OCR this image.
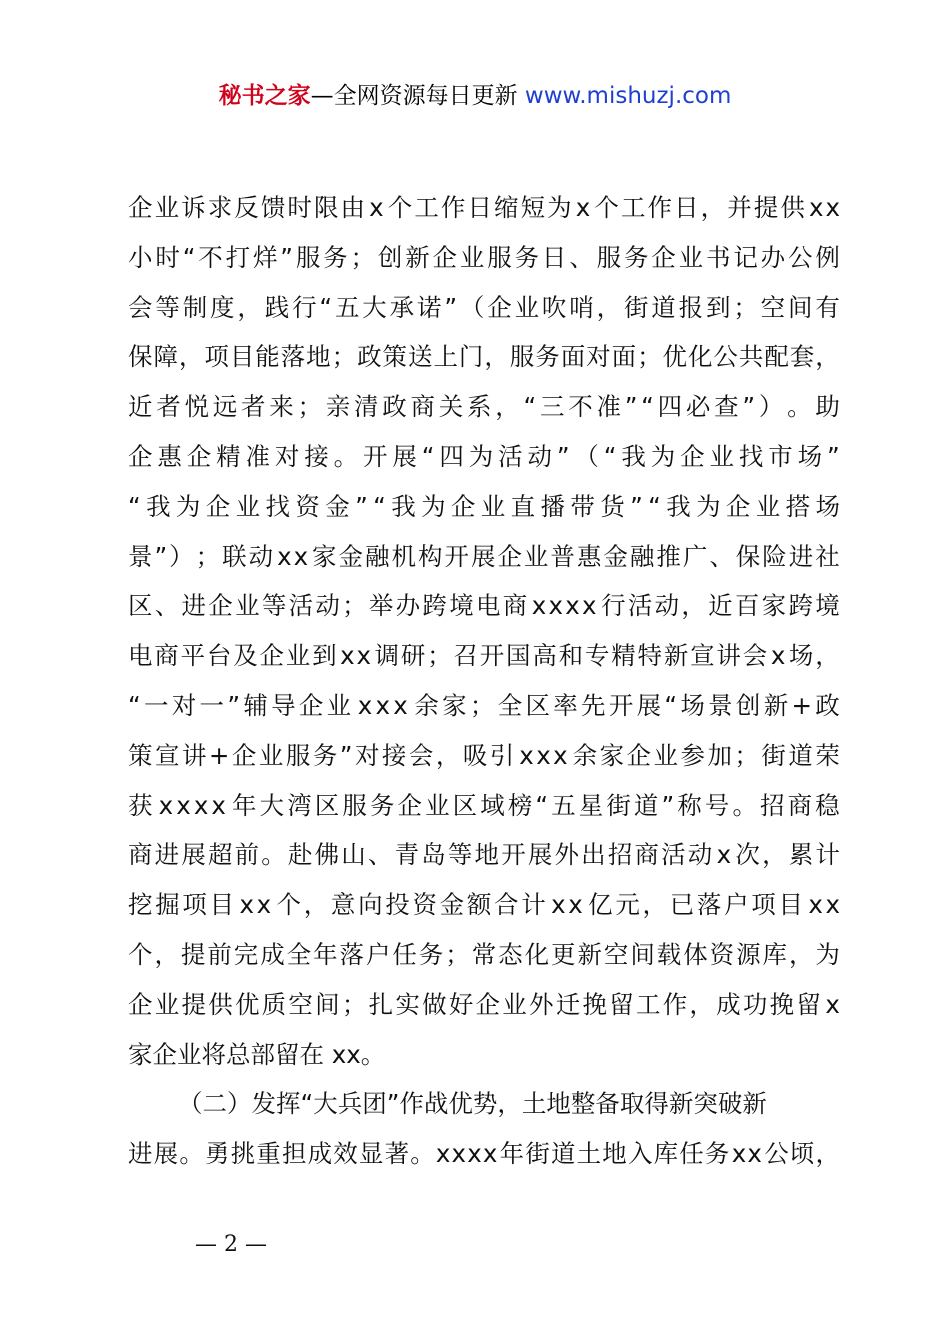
秘书之家—全网资源每日更新 www.mishuzj.com
企 业 诉 求 反 馈 时 限 由 x 个 工 作 日 缩 短 为 x 个 工 作 日 ， 并 提 供 x x
小 时 “ 不 打 烊 ” 服 务 ； 创 新 企 业 服 务 日 、 服 务 企 业 书 记 办 公 例
会 等 制 度 ， 践 行 “ 五 大 承 诺 ” （ 企 业 吹 哨 ， 街 道 报 到 ； 空 间 有
保 障 ， 项 目 能 落 地 ； 政 策 送 上 门 ， 服 务 面 对 面 ； 优 化 公 共 配 套 ，
近 者 悦 远 者 来 ； 亲 清 政 商 关 系 ， “ 三 不 准 ” “ 四 必 查 ” ） 。 助
企 惠 企 精 准 对 接 。 开 展 “ 四 为 活 动 ” （ “ 我 为 企 业 找 市 场 ”
“ 我 为 企 业 找 资 金 ” “ 我 为 企 业 直 播 带 货 ” “ 我 为 企 业 搭 场
景 ” ） ； 联 动 x x 家 金 融 机 构 开 展 企 业 普 惠 金 融 推 广 、 保 险 进 社
区 、 进 企 业 等 活 动 ； 举 办 跨 境 电 商 x x x x 行 活 动 ， 近 百 家 跨 境
电 商 平 台 及 企 业 到 x x 调 研 ； 召 开 国 高 和 专 精 特 新 宣 讲 会 x 场 ，
“ 一 对 一 ” 辅 导 企 业 x x x 余 家 ； 全 区 率 先 开 展 “ 场 景 创 新 + 政
策 宣 讲 + 企 业 服 务 ” 对 接 会 ， 吸 引 x x x 余 家 企 业 参 加 ； 街 道 荣
获 x x x x 年 大 湾 区 服 务 企 业 区 域 榜 “ 五 星 街 道 ” 称 号 。 招 商 稳
商 进 展 超 前 。 赴 佛 山 、 青 岛 等 地 开 展 外 出 招 商 活 动 x 次 ， 累 计
挖 掘 项 目 x x 个 ， 意 向 投 资 金 额 合 计 x x 亿 元 ， 已 落 户 项 目 x x
个 ， 提 前 完 成 全 年 落 户 任 务 ； 常 态 化 更 新 空 间 载 体 资 源 库 ， 为
企 业 提 供 优 质 空 间 ； 扎 实 做 好 企 业 外 迁 挽 留 工 作 ， 成 功 挽 留 x
家企业将总部留在 xx。
（二）发挥“大兵团”作战优势，土地整备取得新突破新
进 展 。 勇 挑 重 担 成 效 显 著 。 x x x x 年 街 道 土 地 入 库 任 务 x x 公 顷 ，
— 2 —
